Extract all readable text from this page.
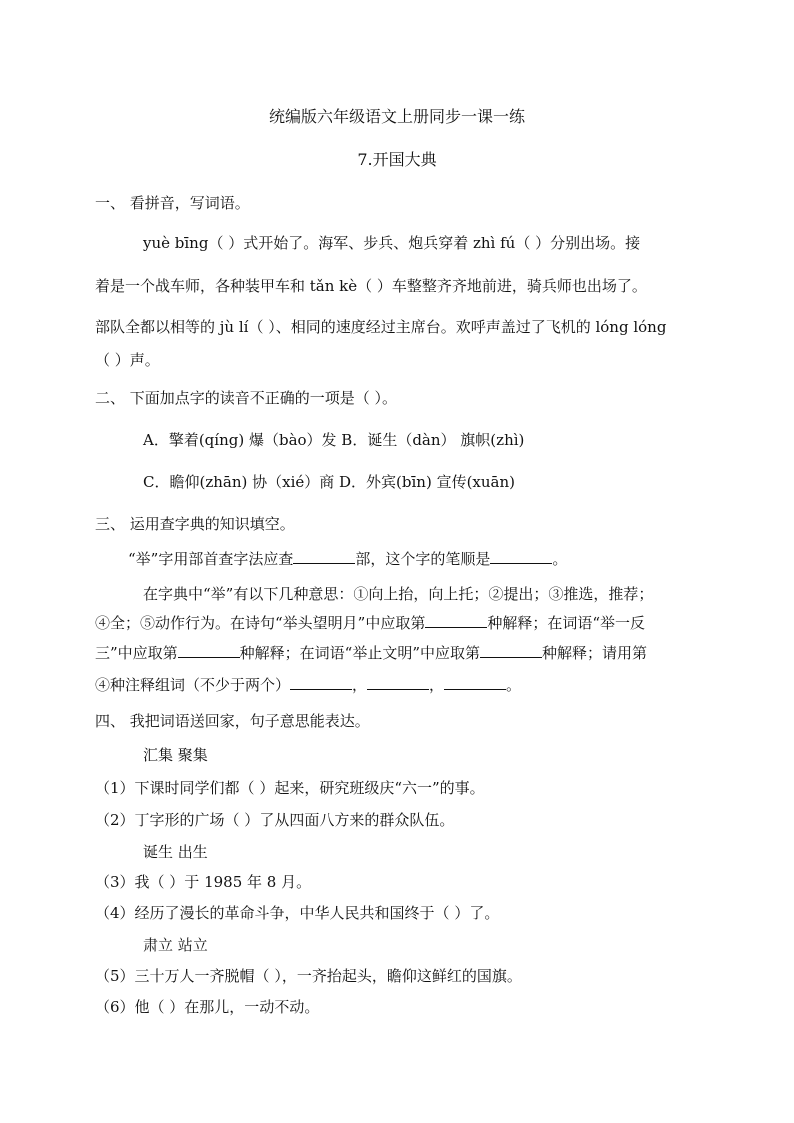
统编版六年级语文上册同步一课一练
7.开国大典
一、 看拼音，写词语。
yuè bīng（ ）式开始了。海军、步兵、炮兵穿着 zhì fú（ ）分别出场。接
着是一个战车师，各种装甲车和 tǎn kè（ ）车整整齐齐地前进，骑兵师也出场了。
部队全都以相等的 jù lí（ ）、相同的速度经过主席台。欢呼声盖过了飞机的 lóng lóng
（ ）声。
二、 下面加点字的读音不正确的一项是（ ）。
A．擎着(qíng) 爆（bào）发 B．诞生（dàn） 旗帜(zhì)
C．瞻仰(zhān) 协（xié）商 D．外宾(bīn) 宣传(xuān)
三、 运用查字典的知识填空。
“举”字用部首查字法应查	部，这个字的笔顺是	。
在字典中“举”有以下几种意思：①向上抬，向上托；②提出；③推选，推荐；
④全；⑤动作行为。在诗句“举头望明月”中应取第	种解释；在词语“举一反
三”中应取第	种解释；在词语“举止文明”中应取第	种解释；请用第
④种注释组词（不少于两个）	，	，	。
四、 我把词语送回家，句子意思能表达。
汇集 聚集
（1）下课时同学们都（ ）起来，研究班级庆“六一”的事。
（2）丁字形的广场（ ）了从四面八方来的群众队伍。
诞生 出生
（3）我（ ）于 1985 年 8 月。
（4）经历了漫长的革命斗争，中华人民共和国终于（ ）了。
肃立 站立
（5）三十万人一齐脱帽（ ），一齐抬起头，瞻仰这鲜红的国旗。
（6）他（ ）在那儿，一动不动。
